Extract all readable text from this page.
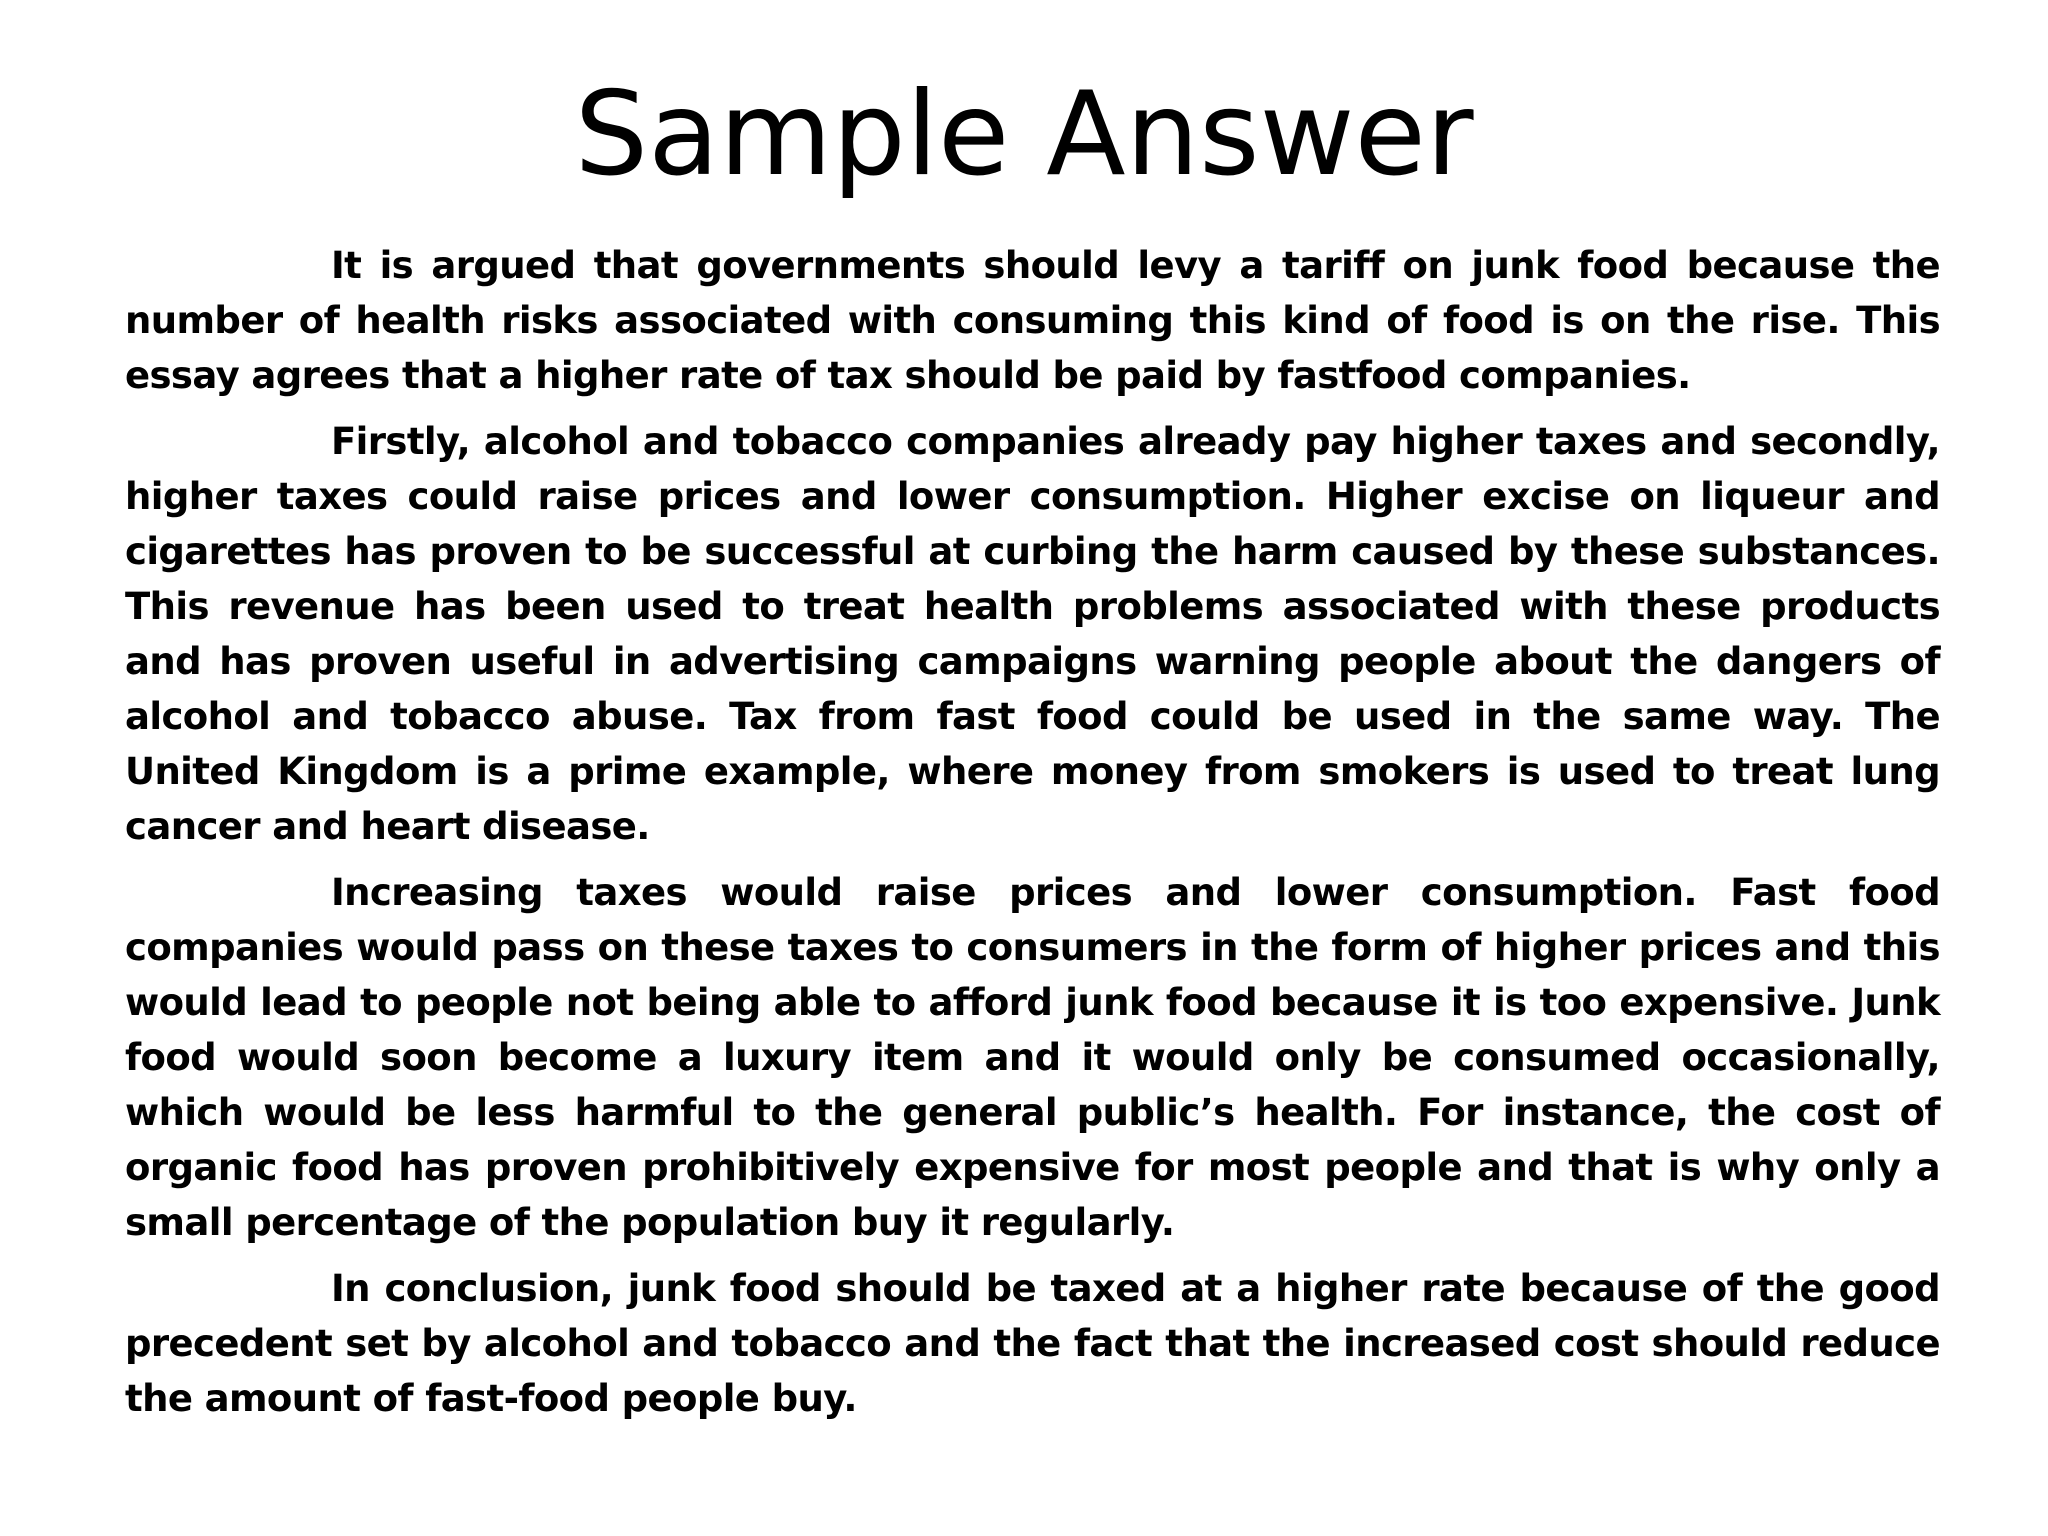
Sample Answer

It is argued that governments should levy a tariff on junk food because the number of health risks associated with consuming this kind of food is on the rise. This essay agrees that a higher rate of tax should be paid by fastfood companies.

Firstly, alcohol and tobacco companies already pay higher taxes and secondly, higher taxes could raise prices and lower consumption. Higher excise on liqueur and cigarettes has proven to be successful at curbing the harm caused by these substances. This revenue has been used to treat health problems associated with these products and has proven useful in advertising campaigns warning people about the dangers of alcohol and tobacco abuse. Tax from fast food could be used in the same way. The United Kingdom is a prime example, where money from smokers is used to treat lung cancer and heart disease.

Increasing taxes would raise prices and lower consumption. Fast food companies would pass on these taxes to consumers in the form of higher prices and this would lead to people not being able to afford junk food because it is too expensive. Junk food would soon become a luxury item and it would only be consumed occasionally, which would be less harmful to the general public’s health. For instance, the cost of organic food has proven prohibitively expensive for most people and that is why only a small percentage of the population buy it regularly.

In conclusion, junk food should be taxed at a higher rate because of the good precedent set by alcohol and tobacco and the fact that the increased cost should reduce the amount of fast-food people buy.
